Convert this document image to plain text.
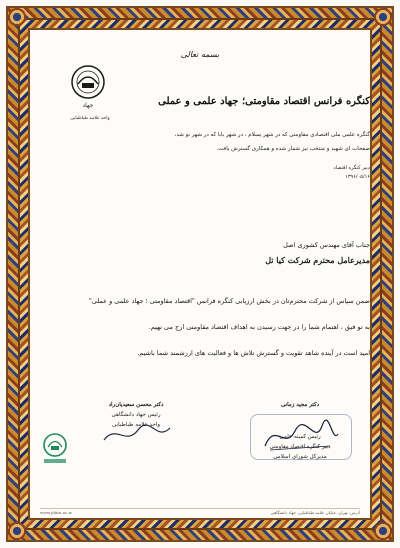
بسمه تعالی
جهاد
واحد علامه طباطبایی
کنگره فرانس اقتصاد مقاومتی؛ جهاد علمی و عملی
گنگره علمی ملی اقتصادی مقاومتی که در شهر یسلام ، در شهر بابا که در شهر نو شد،
صفحات ای شهید و منتخب نیز شمار شده و همکاری گسترش یافت.
دبیر کنگره اقتصاد
۱۳۹۶/۰۵/۱۶
جناب آقای مهندس کشوری اصل
مدیرعامل محترم شرکت کیا تل
ضمن سپاس از شرکت محترم‌تان در بخش ارزیابی کنگره فرانس "اقتصاد مقاومتی ؛ جهاد علمی و عملی"
به تو فیق ، اهتمام شما را در جهت رسیدن به اهداف اقتصاد مقاومتی ارج می نهیم.
امید است در آینده شاهد تقویت و گسترش تلاش ها و فعالیت های ارزشمند شما باشیم.
دکتر مجید زمانی
رئیس کمیته علمی
دبیر کنگره اقتصاد مقاومتی
مدیرکل شورای اسلامی
دکتر محسن سعیدیان‌راد
رئیس جهاد دانشگاهی
واحد علامه طباطبایی
www.jdatu.ac.ir	آدرس: تهران، خیابان علامه طباطبایی، جهاد دانشگاهی
